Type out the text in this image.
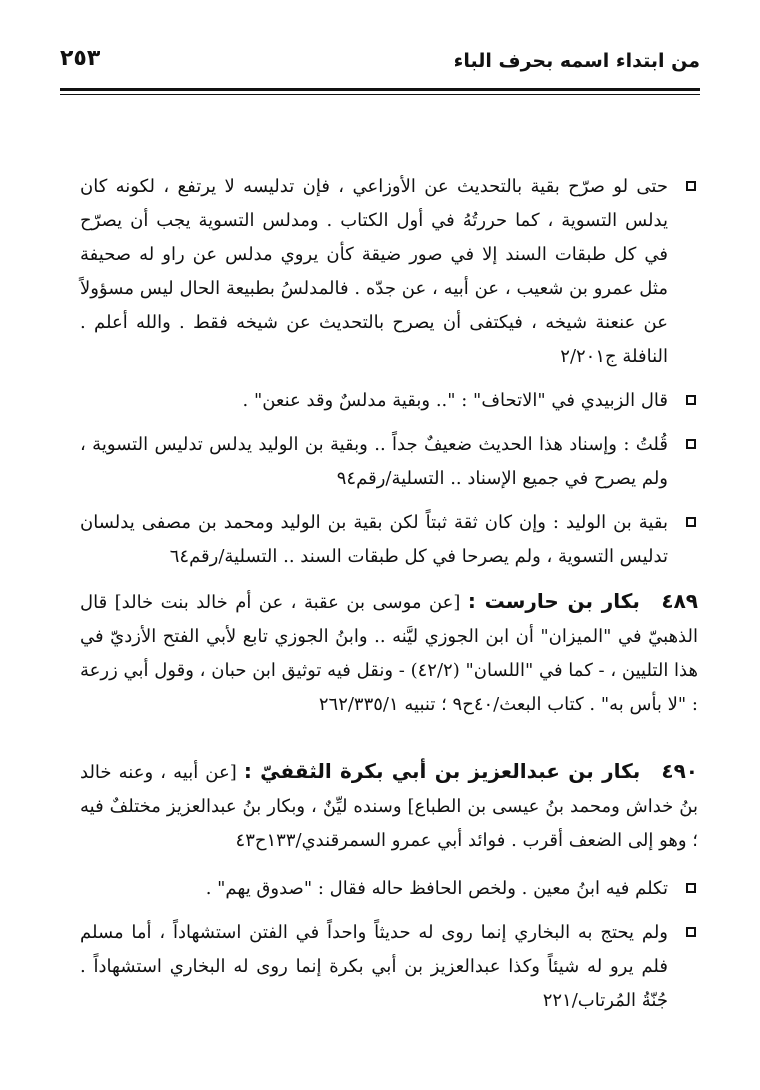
من ابتداء اسمه بحرف الباء
٢٥٣
حتى لو صرّح بقية بالتحديث عن الأوزاعي ، فإن تدليسه لا يرتفع ، لكونه كان يدلس التسوية ، كما حررتُهُ في أول الكتاب . ومدلس التسوية يجب أن يصرّح في كل طبقات السند إلا في صور ضيقة كأن يروي مدلس عن راو له صحيفة مثل عمرو بن شعيب ، عن أبيه ، عن جدّه . فالمدلسُ بطبيعة الحال ليس مسؤولاً عن عنعنة شيخه ، فيكتفى أن يصرح بالتحديث عن شيخه فقط . والله أعلم . النافلة ج٢/٢٠١
قال الزبيدي في "الاتحاف" : ".. وبقية مدلسٌ وقد عنعن" .
قُلتُ : وإسناد هذا الحديث ضعيفٌ جداً .. وبقية بن الوليد يدلس تدليس التسوية ، ولم يصرح في جميع الإسناد .. التسلية/رقم٩٤
بقية بن الوليد : وإن كان ثقة ثبتاً لكن بقية بن الوليد ومحمد بن مصفى يدلسان تدليس التسوية ، ولم يصرحا في كل طبقات السند .. التسلية/رقم٦٤
٤٨٩ بكار بن حارست : [عن موسى بن عقبة ، عن أم خالد بنت خالد] قال الذهبيّ في "الميزان" أن ابن الجوزي ليَّنه .. وابنُ الجوزي تابع لأبي الفتح الأزديّ في هذا التليين ، - كما في "اللسان" (٤٢/٢) - ونقل فيه توثيق ابن حبان ، وقول أبي زرعة : "لا بأس به" . كتاب البعث/٤٠ح٩ ؛ تنبيه ٢٦٢/٣٣٥/١
٤٩٠ بكار بن عبدالعزيز بن أبي بكرة الثقفيّ : [عن أبيه ، وعنه خالد بنُ خداش ومحمد بنُ عيسى بن الطباع] وسنده ليِّنٌ ، وبكار بنُ عبدالعزيز مختلفٌ فيه ؛ وهو إلى الضعف أقرب . فوائد أبي عمرو السمرقندي/١٣٣ح٤٣
تكلم فيه ابنُ معين . ولخص الحافظ حاله فقال : "صدوق يهم" .
ولم يحتج به البخاري إنما روى له حديثاً واحداً في الفتن استشهاداً ، أما مسلم فلم يرو له شيئاً وكذا عبدالعزيز بن أبي بكرة إنما روى له البخاري استشهاداً . جُنّةُ المُرتاب/٢٢١
